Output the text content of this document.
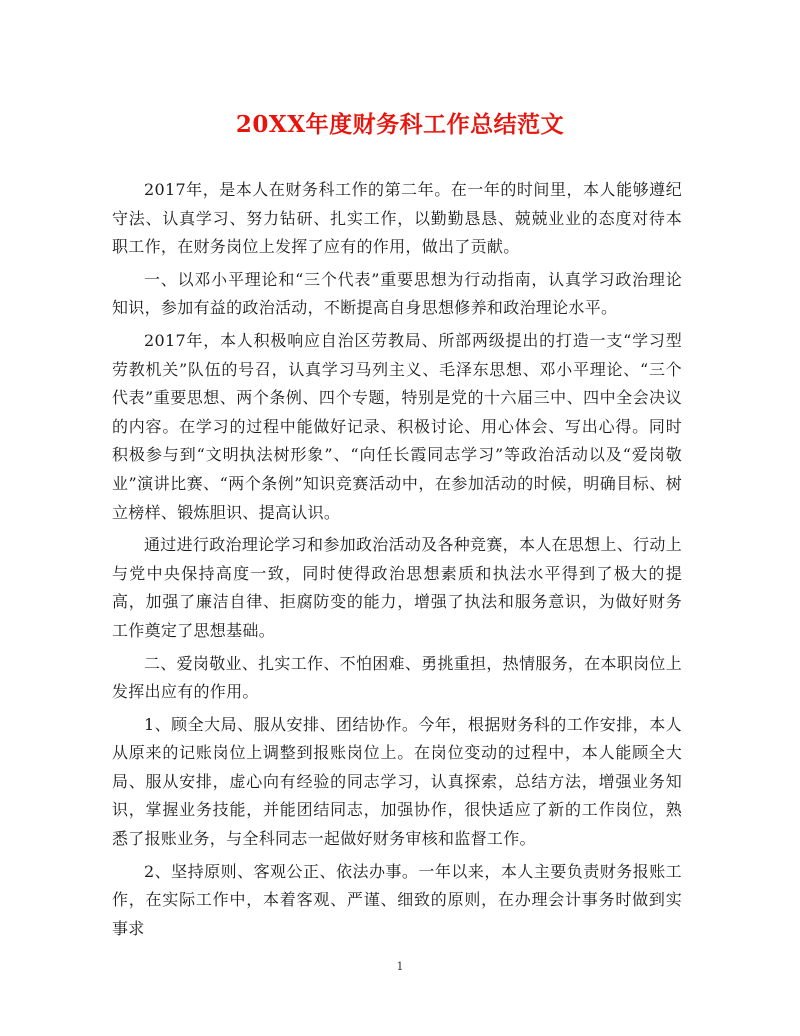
20XX年度财务科工作总结范文

2017年，是本人在财务科工作的第二年。在一年的时间里，本人能够遵纪守法、认真学习、努力钻研、扎实工作，以勤勤恳恳、兢兢业业的态度对待本职工作，在财务岗位上发挥了应有的作用，做出了贡献。

一、以邓小平理论和“三个代表”重要思想为行动指南，认真学习政治理论知识，参加有益的政治活动，不断提高自身思想修养和政治理论水平。

2017年，本人积极响应自治区劳教局、所部两级提出的打造一支“学习型劳教机关”队伍的号召，认真学习马列主义、毛泽东思想、邓小平理论、“三个代表”重要思想、两个条例、四个专题，特别是党的十六届三中、四中全会决议的内容。在学习的过程中能做好记录、积极讨论、用心体会、写出心得。同时积极参与到“文明执法树形象”、“向任长霞同志学习”等政治活动以及“爱岗敬业”演讲比赛、“两个条例”知识竞赛活动中，在参加活动的时候，明确目标、树立榜样、锻炼胆识、提高认识。

通过进行政治理论学习和参加政治活动及各种竞赛，本人在思想上、行动上与党中央保持高度一致，同时使得政治思想素质和执法水平得到了极大的提高，加强了廉洁自律、拒腐防变的能力，增强了执法和服务意识，为做好财务工作奠定了思想基础。

二、爱岗敬业、扎实工作、不怕困难、勇挑重担，热情服务，在本职岗位上发挥出应有的作用。

1、顾全大局、服从安排、团结协作。今年，根据财务科的工作安排，本人从原来的记账岗位上调整到报账岗位上。在岗位变动的过程中，本人能顾全大局、服从安排，虚心向有经验的同志学习，认真探索，总结方法，增强业务知识，掌握业务技能，并能团结同志，加强协作，很快适应了新的工作岗位，熟悉了报账业务，与全科同志一起做好财务审核和监督工作。

2、坚持原则、客观公正、依法办事。一年以来，本人主要负责财务报账工作，在实际工作中，本着客观、严谨、细致的原则，在办理会计事务时做到实事求

1
